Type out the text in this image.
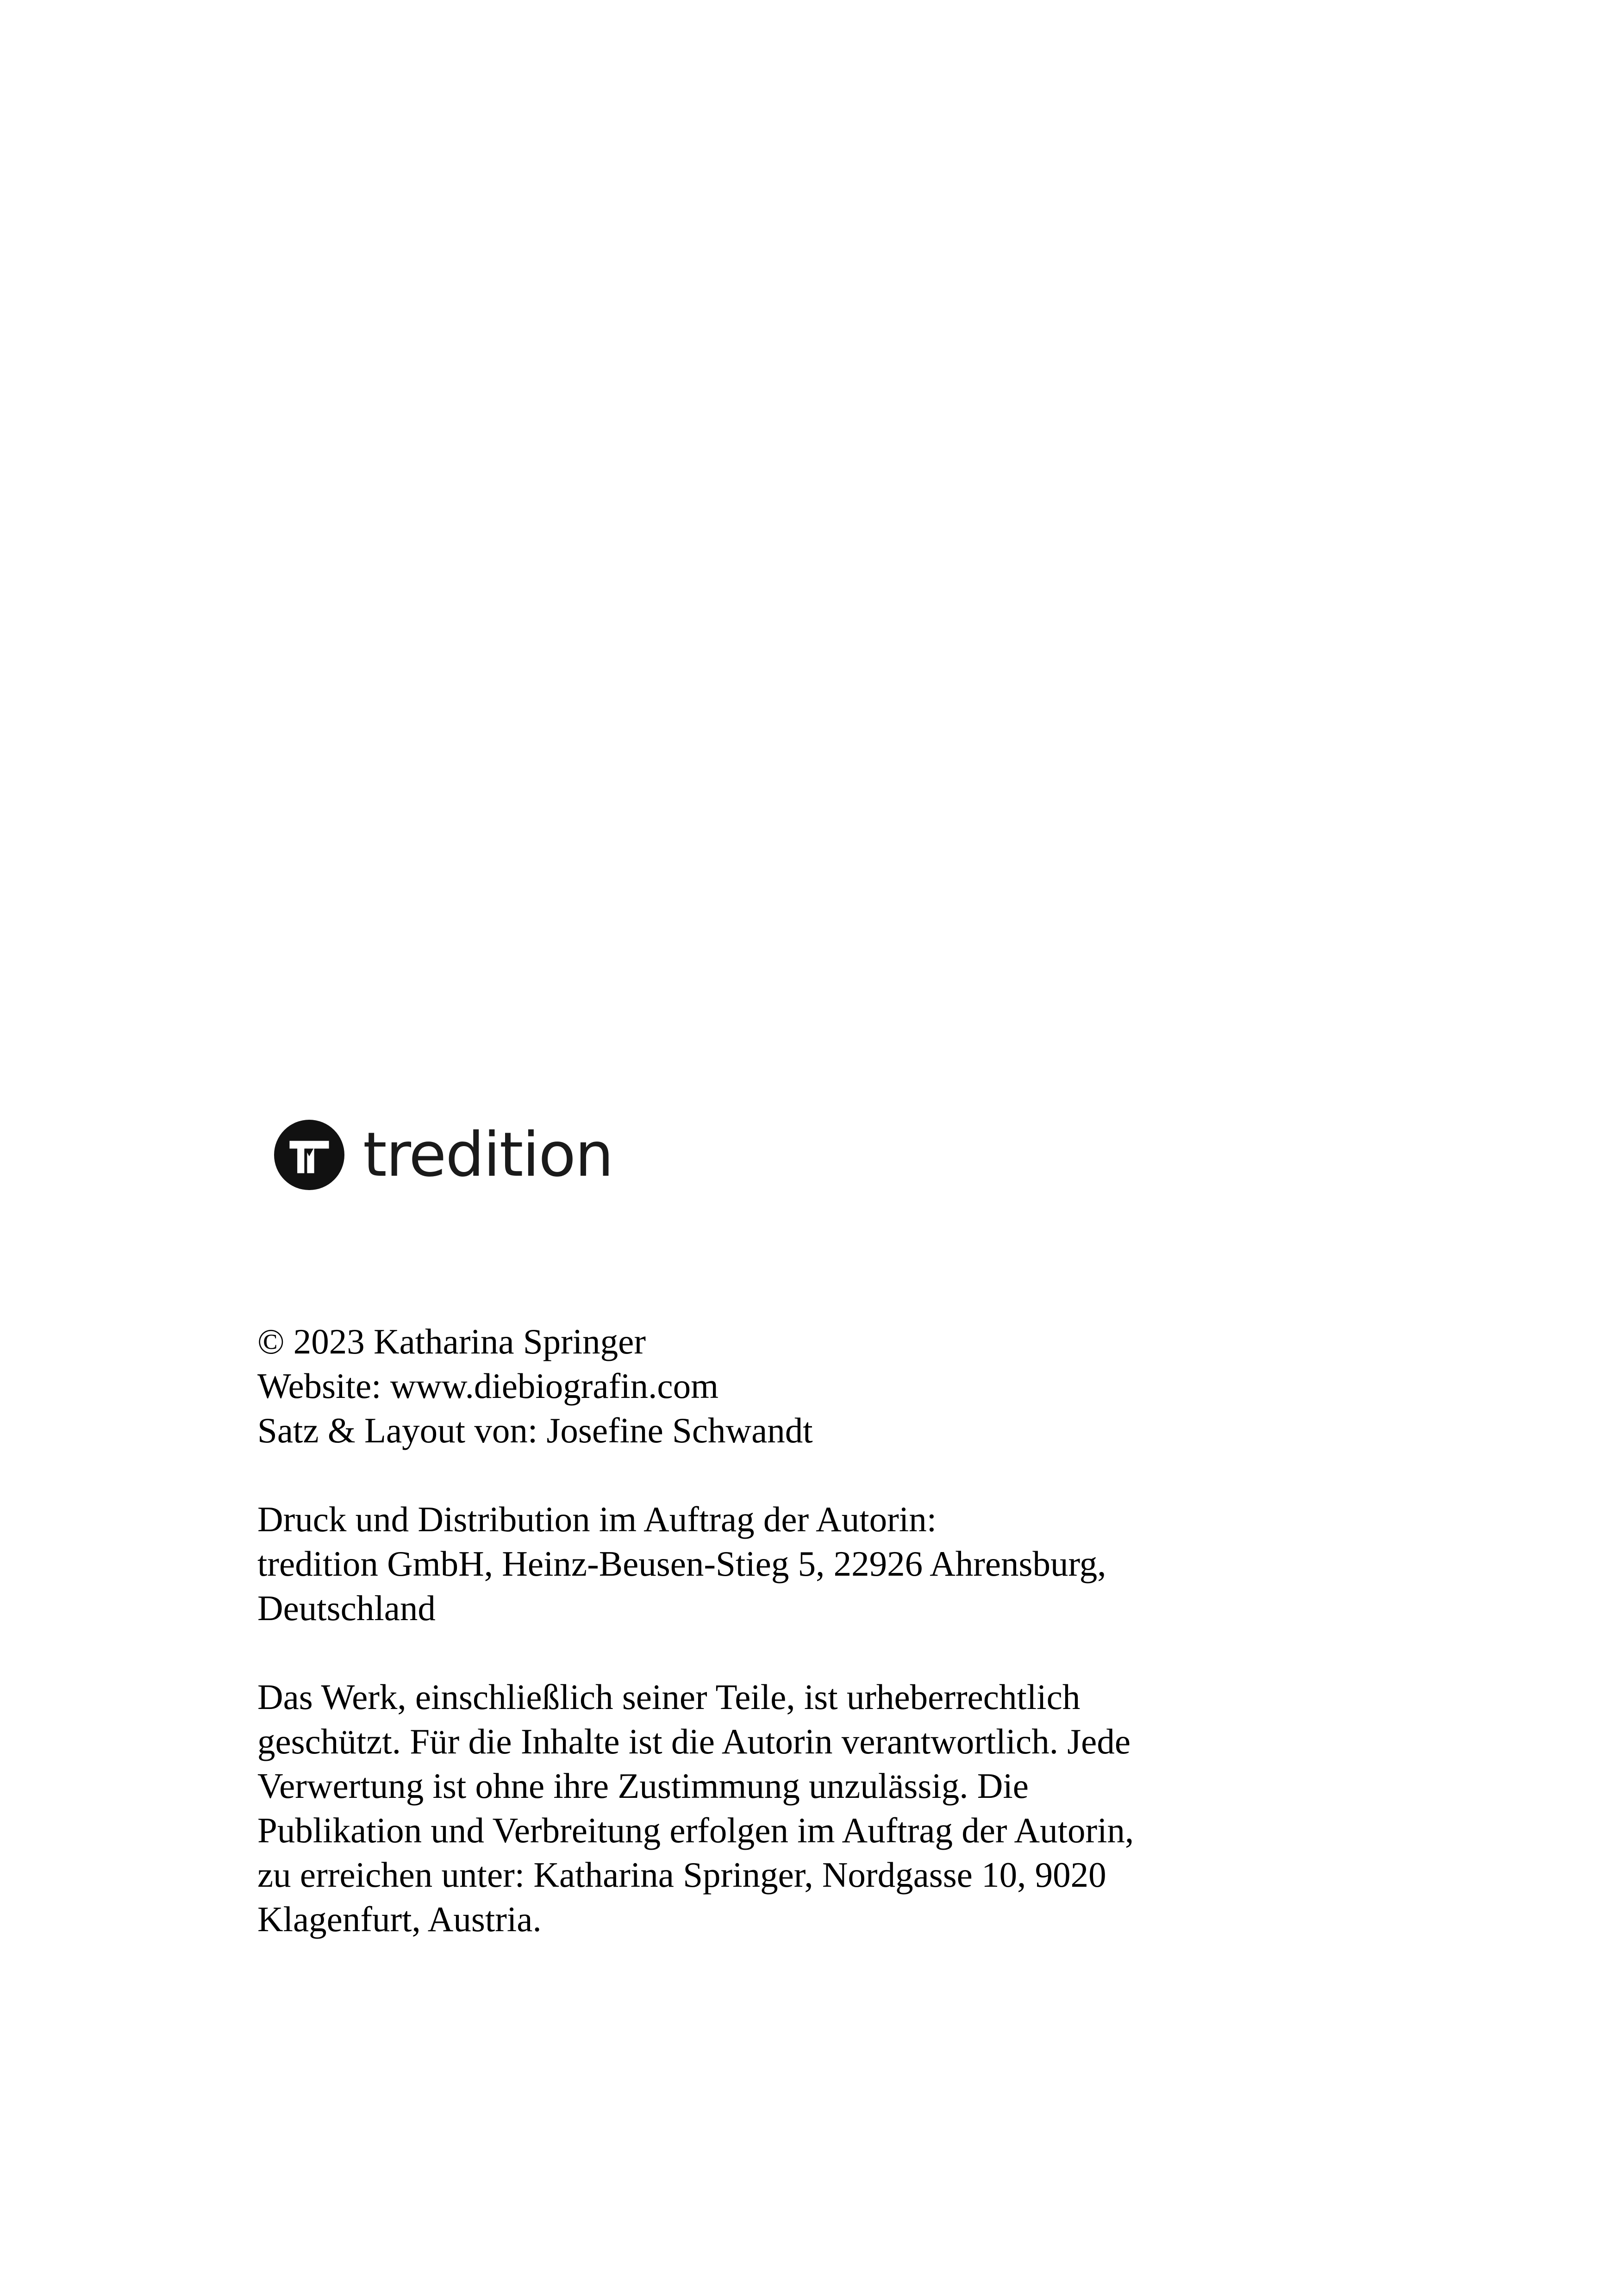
tredition

© 2023 Katharina Springer

Website: www.diebiografin.com

Satz & Layout von: Josefine Schwandt

Druck und Distribution im Auftrag der Autorin:

tredition GmbH, Heinz-Beusen-Stieg 5, 22926 Ahrensburg,

Deutschland

Das Werk, einschließlich seiner Teile, ist urheberrechtlich

geschützt. Für die Inhalte ist die Autorin verantwortlich. Jede

Verwertung ist ohne ihre Zustimmung unzulässig. Die

Publikation und Verbreitung erfolgen im Auftrag der Autorin,

zu erreichen unter: Katharina Springer, Nordgasse 10, 9020

Klagenfurt, Austria.
